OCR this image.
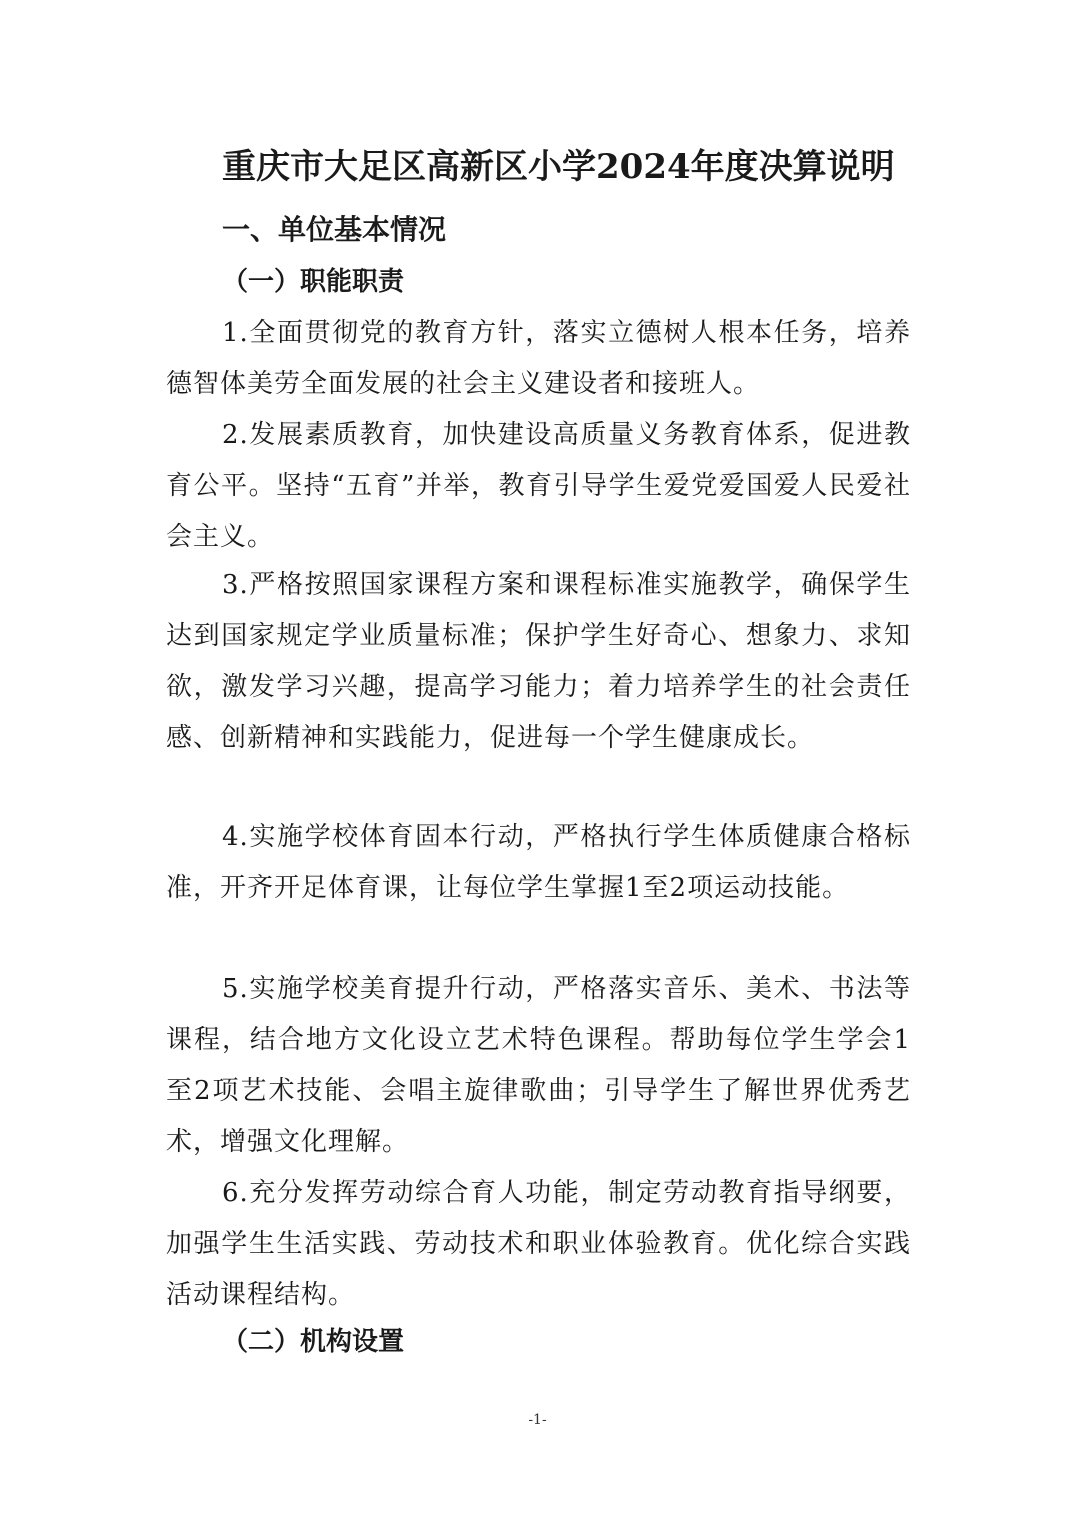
重庆市大足区高新区小学2024年度决算说明
一、单位基本情况
（一）职能职责
1.全面贯彻党的教育方针，落实立德树人根本任务，培养德智体美劳全面发展的社会主义建设者和接班人。
2.发展素质教育，加快建设高质量义务教育体系，促进教育公平。坚持“五育”并举，教育引导学生爱党爱国爱人民爱社会主义。
3.严格按照国家课程方案和课程标准实施教学，确保学生达到国家规定学业质量标准；保护学生好奇心、想象力、求知欲，激发学习兴趣，提高学习能力；着力培养学生的社会责任感、创新精神和实践能力，促进每一个学生健康成长。
4.实施学校体育固本行动，严格执行学生体质健康合格标准，开齐开足体育课，让每位学生掌握1至2项运动技能。
5.实施学校美育提升行动，严格落实音乐、美术、书法等课程，结合地方文化设立艺术特色课程。帮助每位学生学会1至2项艺术技能、会唱主旋律歌曲；引导学生了解世界优秀艺术，增强文化理解。
6.充分发挥劳动综合育人功能，制定劳动教育指导纲要，加强学生生活实践、劳动技术和职业体验教育。优化综合实践活动课程结构。
（二）机构设置
-1-
